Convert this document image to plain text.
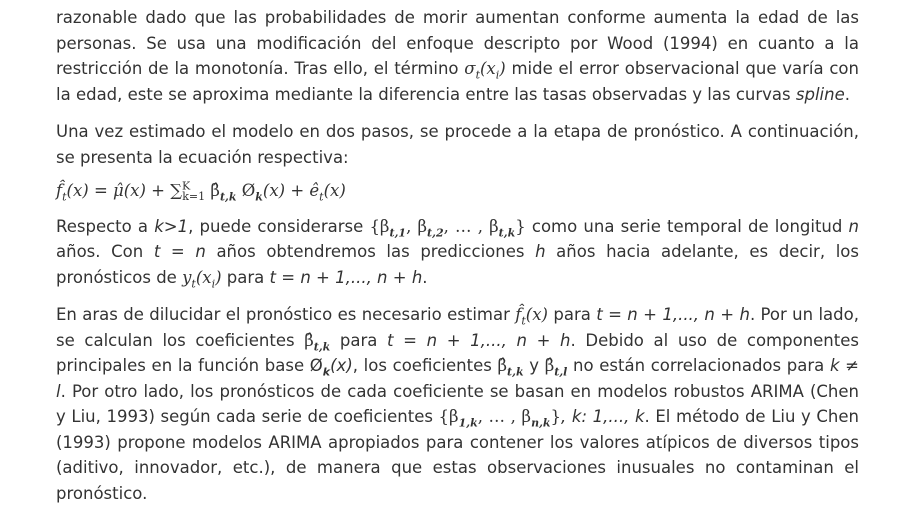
razonable dado que las probabilidades de morir aumentan conforme aumenta la edad de las personas. Se usa una modificación del enfoque descripto por Wood (1994) en cuanto a la restricción de la monotonía. Tras ello, el término $\sigma_t(x_i)$ mide el error observacional que varía con la edad, este se aproxima mediante la diferencia entre las tasas observadas y las curvas spline.

Una vez estimado el modelo en dos pasos, se procede a la etapa de pronóstico. A continuación, se presenta la ecuación respectiva:

$f̂_t(x)$ = μ̂(x) + ∑$^K_{k=1}$ $\betâ_{t,k}$ $Ø_k(x)$ + $ê_t(x)$

Respecto a k>1, puede considerarse {$\beta_{t,1}$, $\beta_{t,2}$, … , $\beta_{t,k}$} como una serie temporal de longitud n años. Con t = n años obtendremos las predicciones h años hacia adelante, es decir, los pronósticos de $y_t(x_i)$ para t = n + 1,..., n + h.

En aras de dilucidar el pronóstico es necesario estimar $f̂_t(x)$ para t = n + 1,..., n + h. Por un lado, se calculan los coeficientes $\betâ_{t,k}$ para t = n + 1,..., n + h. Debido al uso de componentes principales en la función base $Ø_k(x)$, los coeficientes $\betâ_{t,k}$ y $\betâ_{t,l}$ no están correlacionados para k ≠ l. Por otro lado, los pronósticos de cada coeficiente se basan en modelos robustos ARIMA (Chen y Liu, 1993) según cada serie de coeficientes {$\beta_{1,k}$, … , $\beta_{n,k}$}, k: 1,..., k. El método de Liu y Chen (1993) propone modelos ARIMA apropiados para contener los valores atípicos de diversos tipos (aditivo, innovador, etc.), de manera que estas observaciones inusuales no contaminan el pronóstico.
